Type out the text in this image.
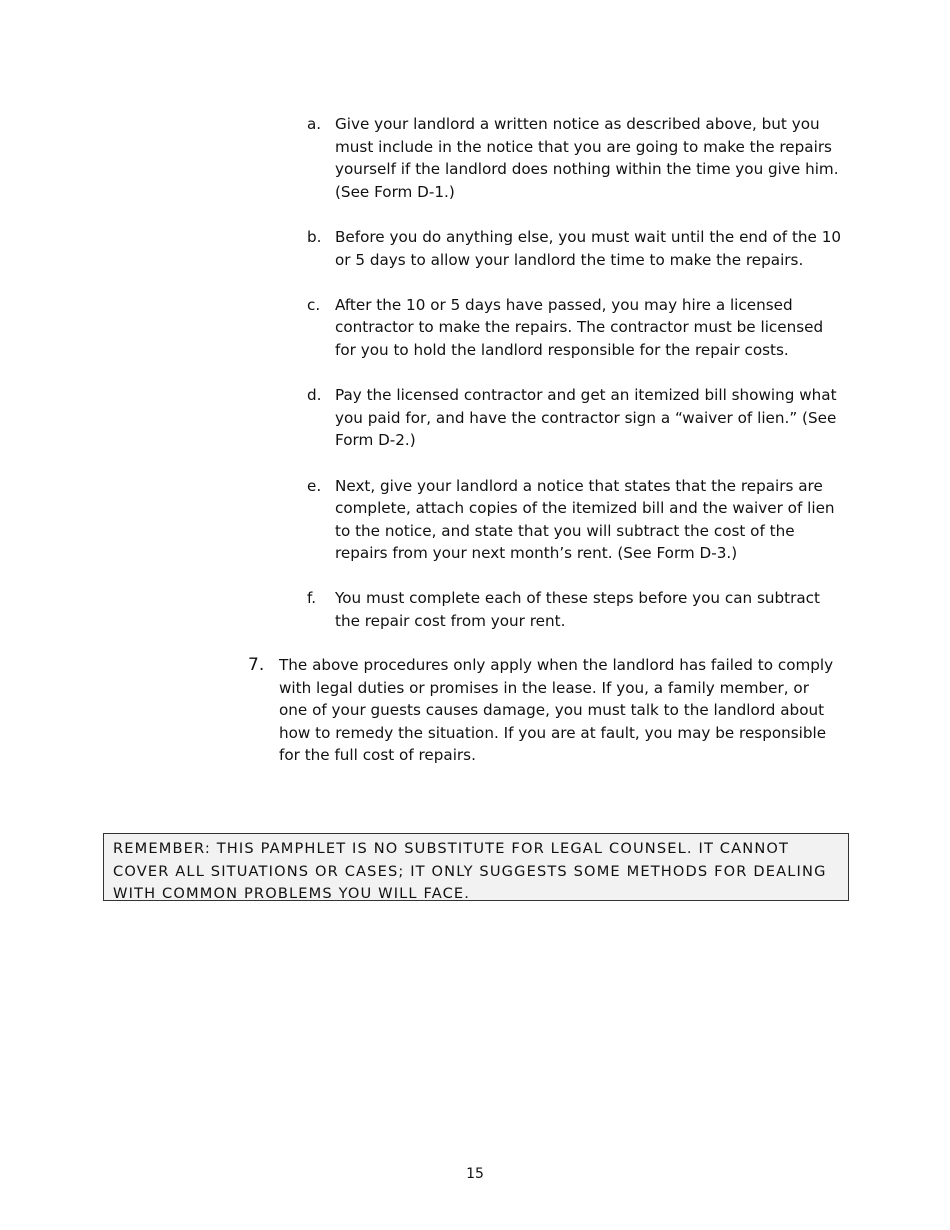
a. Give your landlord a written notice as described above, but you must include in the notice that you are going to make the repairs yourself if the landlord does nothing within the time you give him. (See Form D-1.)
b. Before you do anything else, you must wait until the end of the 10 or 5 days to allow your landlord the time to make the repairs.
c. After the 10 or 5 days have passed, you may hire a licensed contractor to make the repairs. The contractor must be licensed for you to hold the landlord responsible for the repair costs.
d. Pay the licensed contractor and get an itemized bill showing what you paid for, and have the contractor sign a “waiver of lien.” (See Form D-2.)
e. Next, give your landlord a notice that states that the repairs are complete, attach copies of the itemized bill and the waiver of lien to the notice, and state that you will subtract the cost of the repairs from your next month’s rent. (See Form D-3.)
f. You must complete each of these steps before you can subtract the repair cost from your rent.
7. The above procedures only apply when the landlord has failed to comply with legal duties or promises in the lease. If you, a family member, or one of your guests causes damage, you must talk to the landlord about how to remedy the situation. If you are at fault, you may be responsible for the full cost of repairs.
REMEMBER: THIS PAMPHLET IS NO SUBSTITUTE FOR LEGAL COUNSEL. IT CANNOT COVER ALL SITUATIONS OR CASES; IT ONLY SUGGESTS SOME METHODS FOR DEALING WITH COMMON PROBLEMS YOU WILL FACE.
15
